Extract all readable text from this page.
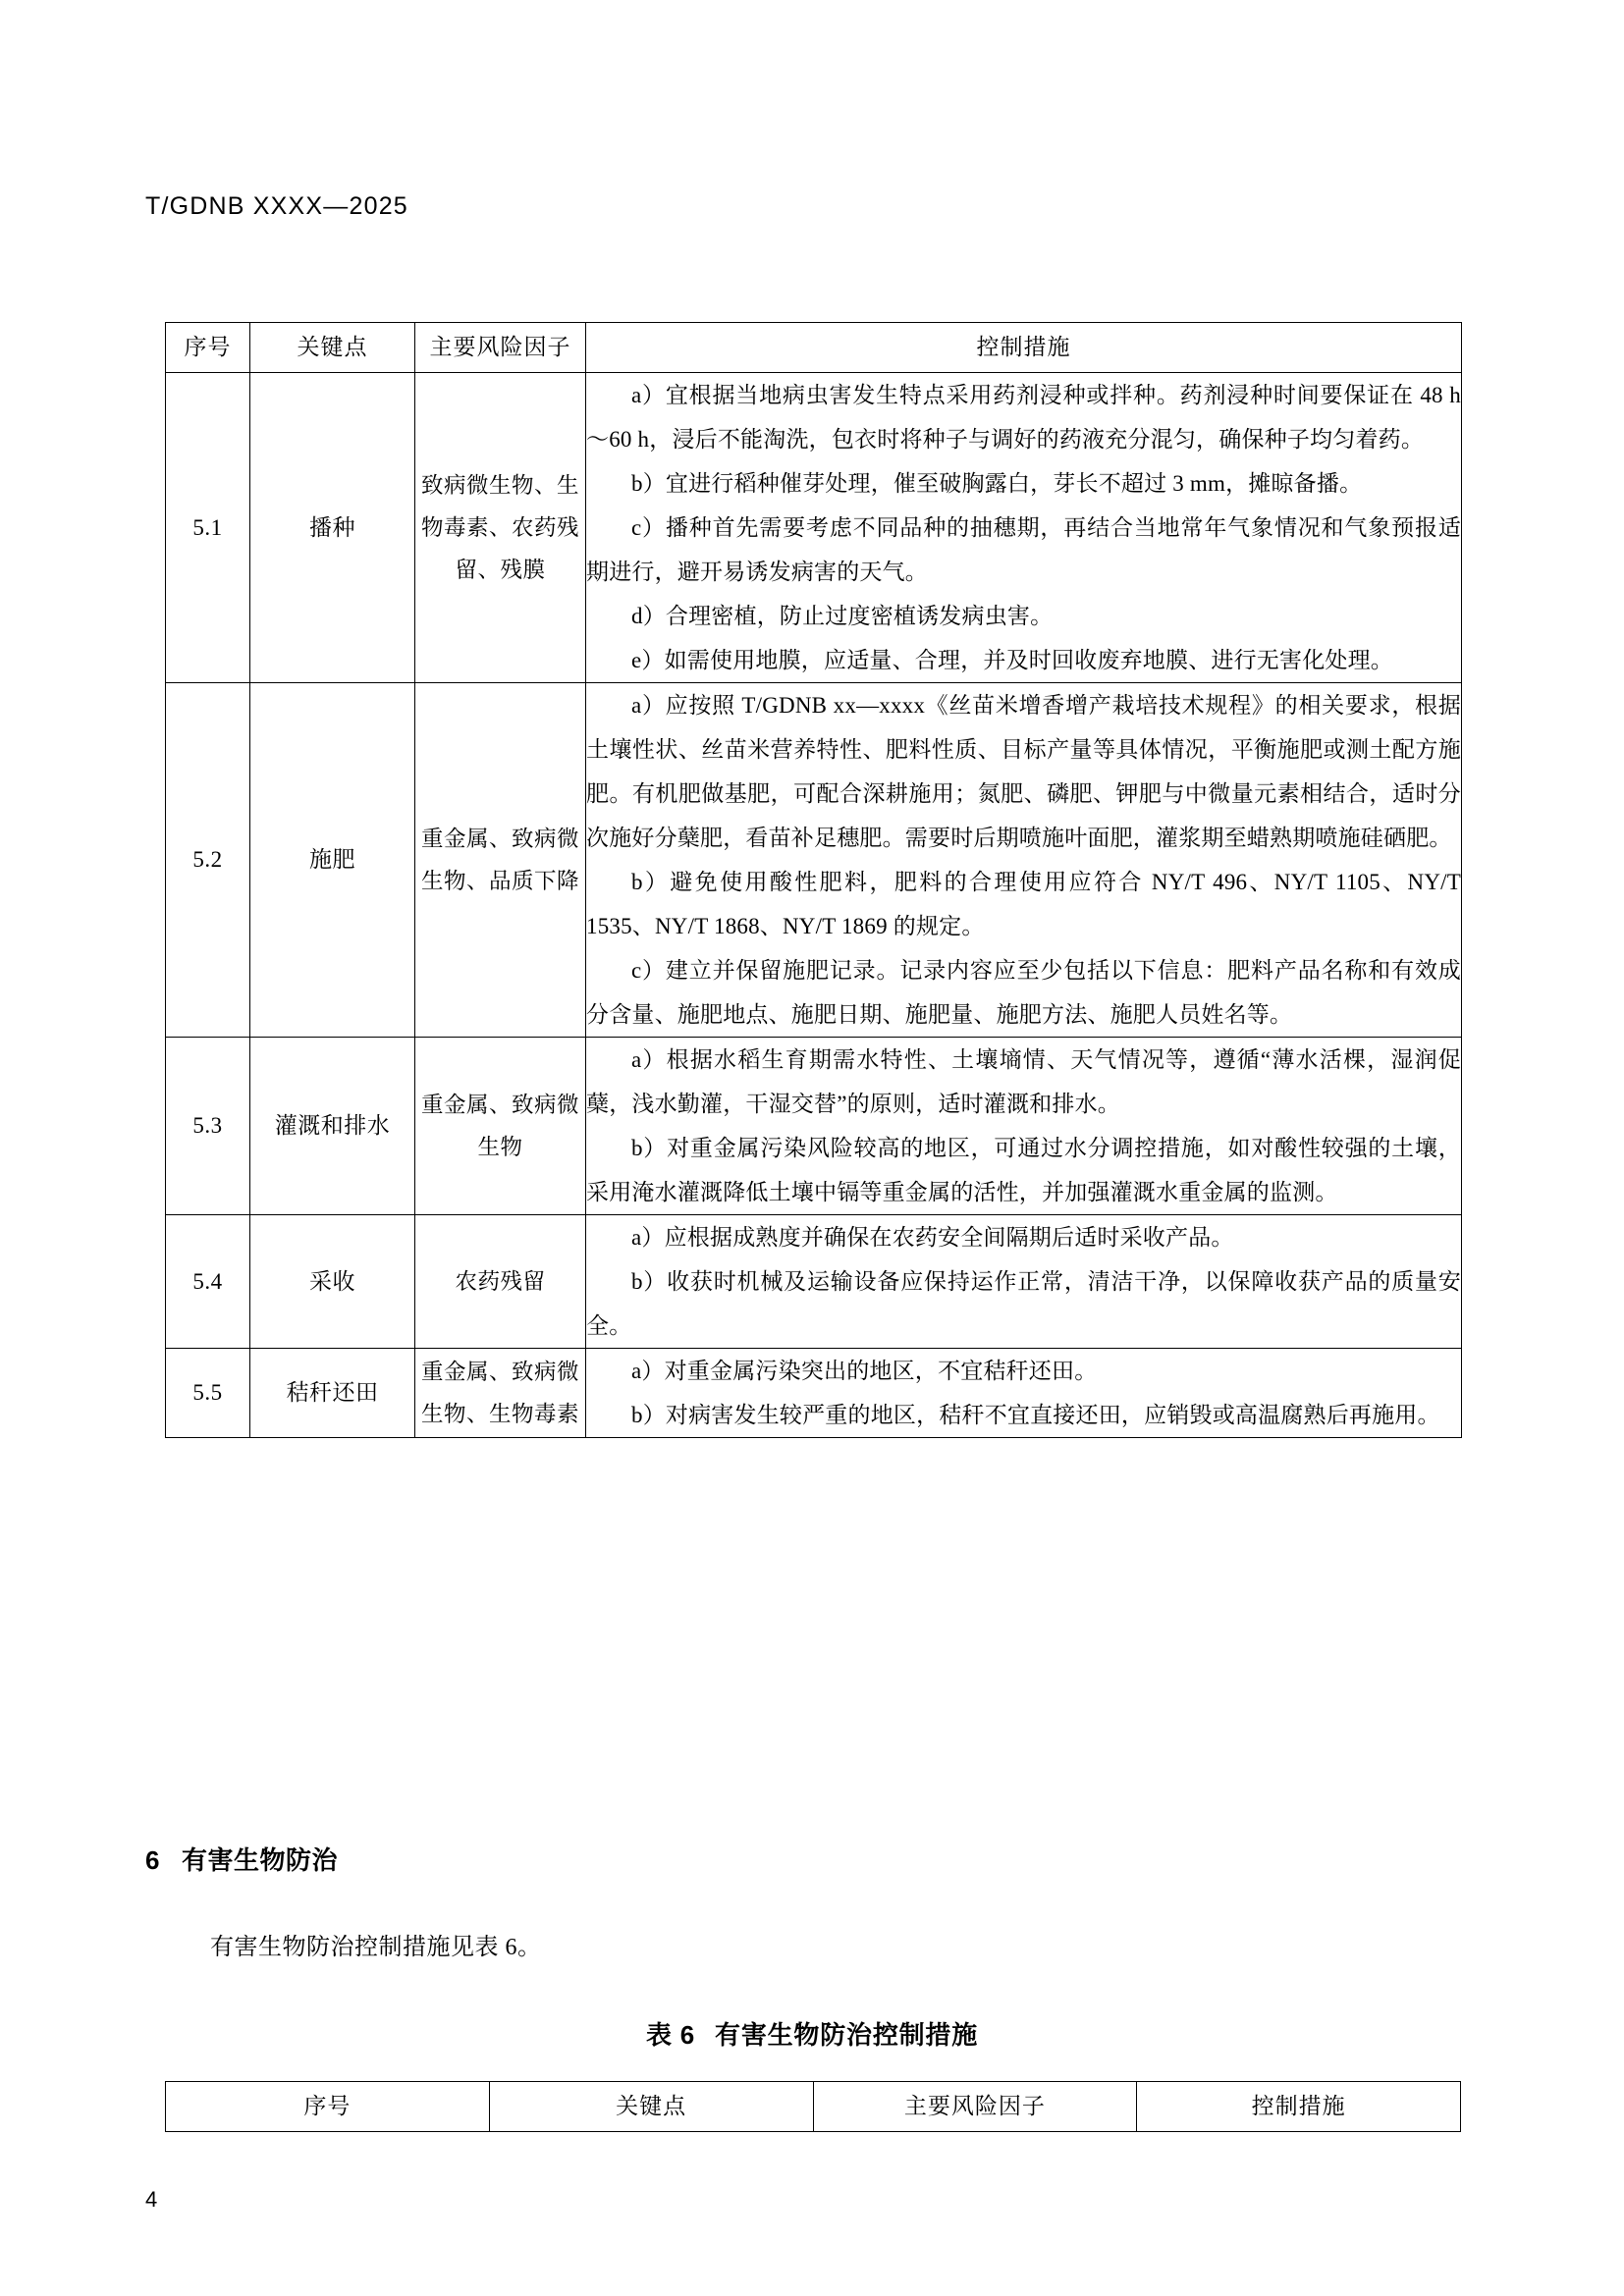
T/GDNB XXXX—2025
序号	关键点	主要风险因子	控制措施
5.1	播种	致病微生物、生物毒素、农药残留、残膜	a）宜根据当地病虫害发生特点采用药剂浸种或拌种。药剂浸种时间要保证在 48 h～60 h，浸后不能淘洗，包衣时将种子与调好的药液充分混匀，确保种子均匀着药。

b）宜进行稻种催芽处理，催至破胸露白，芽长不超过 3 mm，摊晾备播。

c）播种首先需要考虑不同品种的抽穗期，再结合当地常年气象情况和气象预报适期进行，避开易诱发病害的天气。

d）合理密植，防止过度密植诱发病虫害。

e）如需使用地膜，应适量、合理，并及时回收废弃地膜、进行无害化处理。

5.2	施肥	重金属、致病微生物、品质下降	a）应按照 T/GDNB xx—xxxx《丝苗米增香增产栽培技术规程》的相关要求，根据土壤性状、丝苗米营养特性、肥料性质、目标产量等具体情况，平衡施肥或测土配方施肥。有机肥做基肥，可配合深耕施用；氮肥、磷肥、钾肥与中微量元素相结合，适时分次施好分蘖肥，看苗补足穗肥。需要时后期喷施叶面肥，灌浆期至蜡熟期喷施硅硒肥。

b）避免使用酸性肥料，肥料的合理使用应符合 NY/T 496、NY/T 1105、NY/T 1535、NY/T 1868、NY/T 1869 的规定。

c）建立并保留施肥记录。记录内容应至少包括以下信息：肥料产品名称和有效成分含量、施肥地点、施肥日期、施肥量、施肥方法、施肥人员姓名等。

5.3	灌溉和排水	重金属、致病微生物	a）根据水稻生育期需水特性、土壤墒情、天气情况等，遵循“薄水活棵，湿润促蘖，浅水勤灌，干湿交替”的原则，适时灌溉和排水。

b）对重金属污染风险较高的地区，可通过水分调控措施，如对酸性较强的土壤，采用淹水灌溉降低土壤中镉等重金属的活性，并加强灌溉水重金属的监测。

5.4	采收	农药残留	a）应根据成熟度并确保在农药安全间隔期后适时采收产品。

b）收获时机械及运输设备应保持运作正常，清洁干净，以保障收获产品的质量安全。

5.5	秸秆还田	重金属、致病微生物、生物毒素	a）对重金属污染突出的地区，不宜秸秆还田。

b）对病害发生较严重的地区，秸秆不宜直接还田，应销毁或高温腐熟后再施用。

6 有害生物防治
有害生物防治控制措施见表 6。
表 6 有害生物防治控制措施
序号	关键点	主要风险因子	控制措施
4
